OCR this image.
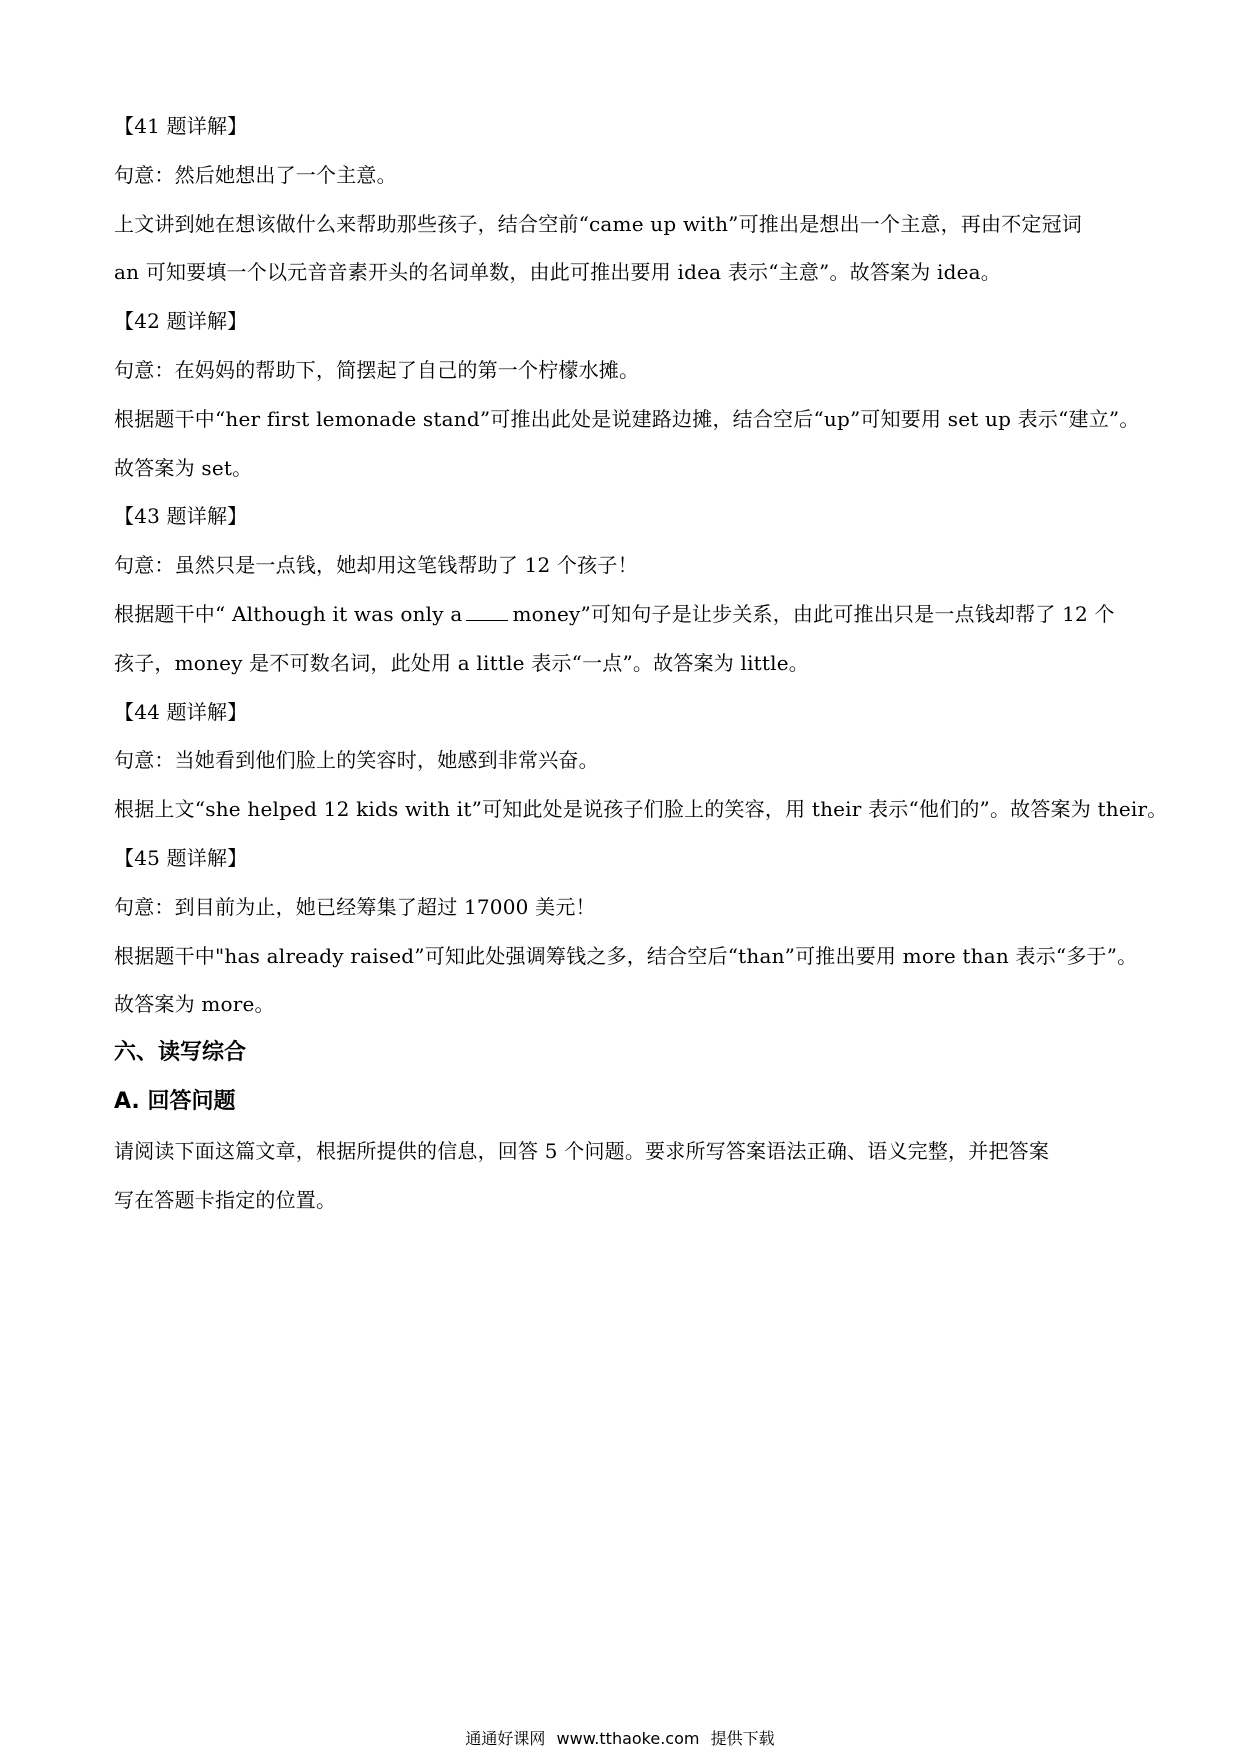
【41 题详解】
句意：然后她想出了一个主意。
上文讲到她在想该做什么来帮助那些孩子，结合空前“came up with”可推出是想出一个主意，再由不定冠词
an 可知要填一个以元音音素开头的名词单数，由此可推出要用 idea 表示“主意”。故答案为 idea。
【42 题详解】
句意：在妈妈的帮助下，简摆起了自己的第一个柠檬水摊。
根据题干中“her first lemonade stand”可推出此处是说建路边摊，结合空后“up”可知要用 set up 表示“建立”。
故答案为 set。
【43 题详解】
句意：虽然只是一点钱，她却用这笔钱帮助了 12 个孩子！
根据题干中“ Although it was only a	money”可知句子是让步关系，由此可推出只是一点钱却帮了 12 个
孩子，money 是不可数名词，此处用 a little 表示“一点”。故答案为 little。
【44 题详解】
句意：当她看到他们脸上的笑容时，她感到非常兴奋。
根据上文“she helped 12 kids with it”可知此处是说孩子们脸上的笑容，用 their 表示“他们的”。故答案为 their。
【45 题详解】
句意：到目前为止，她已经筹集了超过 17000 美元！
根据题干中"has already raised”可知此处强调筹钱之多，结合空后“than”可推出要用 more than 表示“多于”。
故答案为 more。
六、读写综合
A. 回答问题
请阅读下面这篇文章，根据所提供的信息，回答 5 个问题。要求所写答案语法正确、语义完整，并把答案
写在答题卡指定的位置。
通通好课网 www.tthaoke.com 提供下载
